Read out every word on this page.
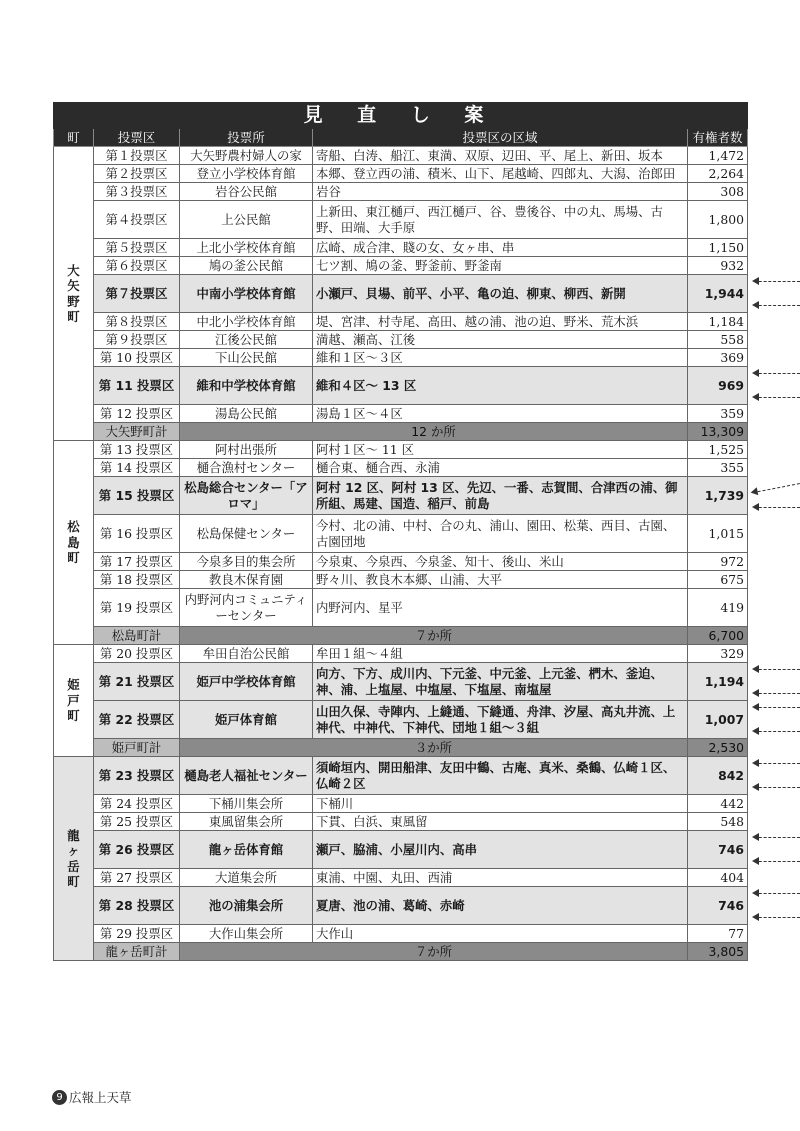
見 直 し 案				
町	投票区	投票所	投票区の区域	有権者数

大
矢
野
町	第１投票区	大矢野農村婦人の家	寄船、白涛、船江、東満、双原、辺田、平、尾上、新田、坂本	1,472
	第２投票区	登立小学校体育館	本郷、登立西の浦、積米、山下、尾越崎、四郎丸、大潟、治郎田	2,264
	第３投票区	岩谷公民館	岩谷	308
	第４投票区	上公民館	上新田、東江樋戸、西江樋戸、谷、豊後谷、中の丸、馬場、古野、田端、大手原	1,800
	第５投票区	上北小学校体育館	広崎、成合津、賤の女、女ヶ串、串	1,150
	第６投票区	鳩の釜公民館	七ツ割、鳩の釜、野釜前、野釜南	932
	第７投票区	中南小学校体育館	小瀬戸、貝場、前平、小平、亀の迫、柳東、柳西、新開	1,944
	第８投票区	中北小学校体育館	堤、宮津、村寺尾、高田、越の浦、池の迫、野米、荒木浜	1,184
	第９投票区	江後公民館	満越、瀬高、江後	558
	第 10 投票区	下山公民館	維和１区～３区	369
	第 11 投票区	維和中学校体育館	維和４区～ 13 区	969
	第 12 投票区	湯島公民館	湯島１区～４区	359
	大矢野町計	12 か所		13,309

松
島
町	第 13 投票区	阿村出張所	阿村１区～ 11 区	1,525
	第 14 投票区	樋合漁村センター	樋合東、樋合西、永浦	355
	第 15 投票区	松島総合センター「アロマ」	阿村 12 区、阿村 13 区、先辺、一番、志賀間、合津西の浦、御所組、馬建、国造、稲戸、前島	1,739
	第 16 投票区	松島保健センター	今村、北の浦、中村、合の丸、浦山、園田、松葉、西目、古園、古園団地	1,015
	第 17 投票区	今泉多目的集会所	今泉東、今泉西、今泉釜、知十、後山、米山	972
	第 18 投票区	教良木保育園	野々川、教良木本郷、山浦、大平	675
	第 19 投票区	内野河内コミュニティーセンター	内野河内、星平	419
	松島町計	７か所		6,700

姫
戸
町	第 20 投票区	牟田自治公民館	牟田１組～４組	329
	第 21 投票区	姫戸中学校体育館	向方、下方、成川内、下元釜、中元釜、上元釜、椚木、釜迫、神、浦、上塩屋、中塩屋、下塩屋、南塩屋	1,194
	第 22 投票区	姫戸体育館	山田久保、寺陣内、上縫通、下縫通、舟津、汐屋、高丸井流、上神代、中神代、下神代、団地１組～３組	1,007
	姫戸町計	３か所		2,530

龍
ヶ
岳
町	第 23 投票区	樋島老人福祉センター	須崎垣内、開田船津、友田中鶴、古庵、真米、桑鶴、仏崎１区、仏崎２区	842
	第 24 投票区	下桶川集会所	下桶川	442
	第 25 投票区	東風留集会所	下貫、白浜、東風留	548
	第 26 投票区	龍ヶ岳体育館	瀬戸、脇浦、小屋川内、高串	746
	第 27 投票区	大道集会所	東浦、中園、丸田、西浦	404
	第 28 投票区	池の浦集会所	夏唐、池の浦、葛崎、赤崎	746
	第 29 投票区	大作山集会所	大作山	77
	龍ヶ岳町計	７か所		3,805
9 広報上天草
